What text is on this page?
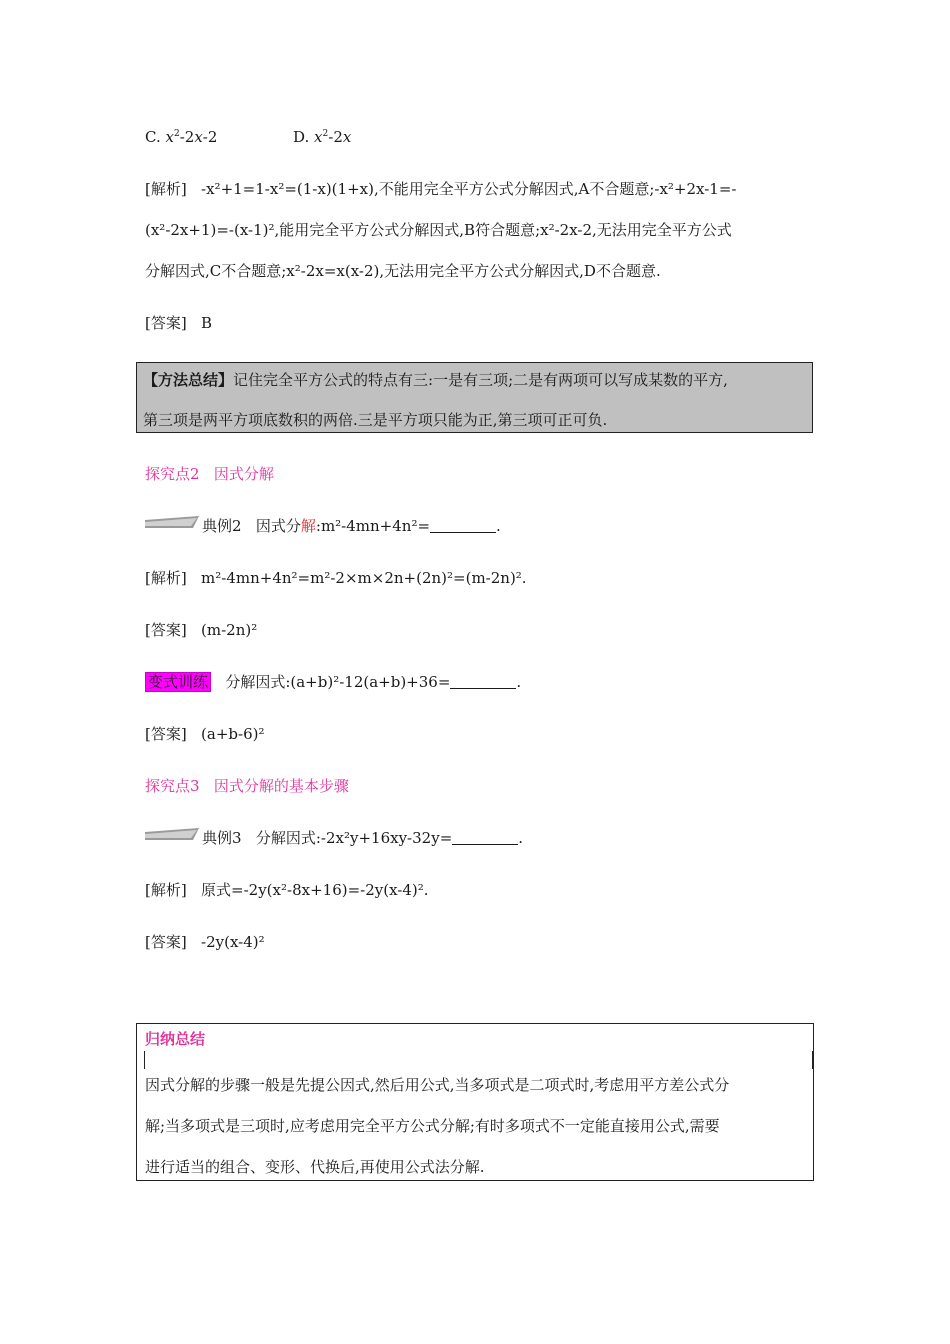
C. $x^2-2x-2$	D. $x^2-2x$
[解析] -x²+1=1-x²=(1-x)(1+x),不能用完全平方公式分解因式,A不合题意;-x²+2x-1=-
(x²-2x+1)=-(x-1)²,能用完全平方公式分解因式,B符合题意;x²-2x-2,无法用完全平方公式
分解因式,C不合题意;x²-2x=x(x-2),无法用完全平方公式分解因式,D不合题意.
[答案] B
【方法总结】记住完全平方公式的特点有三:一是有三项;二是有两项可以写成某数的平方,
第三项是两平方项底数积的两倍.三是平方项只能为正,第三项可正可负.
探究点2 因式分解
典例2 因式分解:m²-4mn+4n²=	.
[解析] m²-4mn+4n²=m²-2×m×2n+(2n)²=(m-2n)².
[答案] (m-2n)²
变式训练 分解因式:(a+b)²-12(a+b)+36=	.
[答案] (a+b-6)²
探究点3 因式分解的基本步骤
典例3 分解因式:-2x²y+16xy-32y=	.
[解析] 原式=-2y(x²-8x+16)=-2y(x-4)².
[答案] -2y(x-4)²
归纳总结
因式分解的步骤一般是先提公因式,然后用公式,当多项式是二项式时,考虑用平方差公式分
解;当多项式是三项时,应考虑用完全平方公式分解;有时多项式不一定能直接用公式,需要
进行适当的组合、变形、代换后,再使用公式法分解.
